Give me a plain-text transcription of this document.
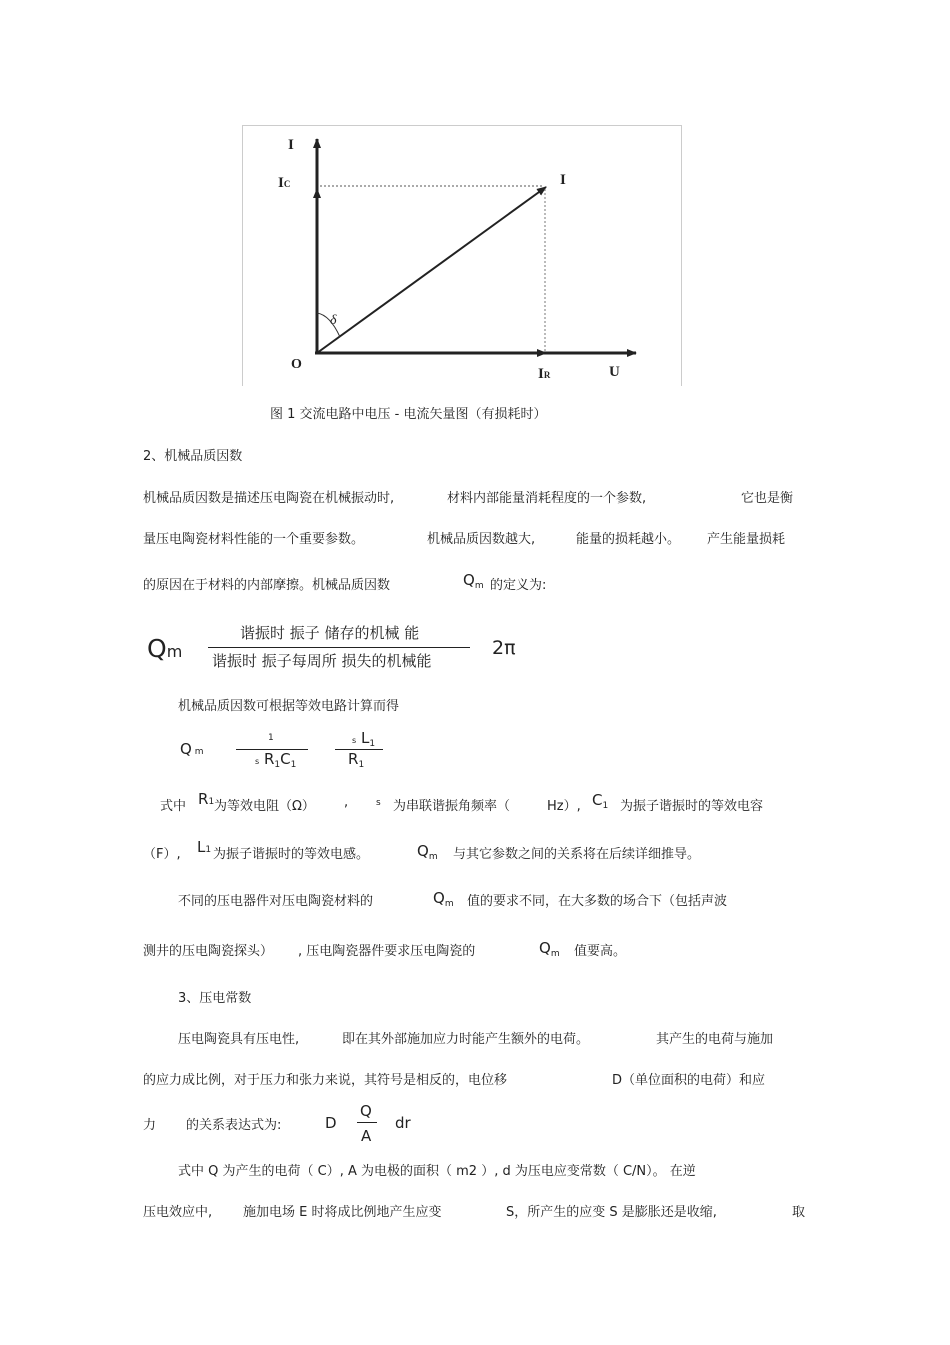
I
IC	I
δ
O
IR	U
图 1 交流电路中电压 - 电流矢量图（有损耗时）
2、机械品质因数
机械品质因数是描述压电陶瓷在机械振动时,	材料内部能量消耗程度的一个参数,	它也是衡
量压电陶瓷材料性能的一个重要参数。	机械品质因数越大,	能量的损耗越小。 产生能量损耗
的原因在于材料的内部摩擦。机械品质因数	$Q_m$ 的定义为:
Qm
谐振时 振子 储存的机械 能
谐振时 振子每周所 损失的机械能
2π
机械品质因数可根据等效电路计算而得
Q m
1
s $R_1C_1$
s $L_1$
$R_1$
式中 R1 为等效电阻（Ω） ,	s 为串联谐振角频率（	Hz）, $C_1$ 为振子谐振时的等效电容
（F）, L1 为振子谐振时的等效电感。	$Q_m$ 与其它参数之间的关系将在后续详细推导。
不同的压电器件对压电陶瓷材料的	$Q_m$ 值的要求不同，在大多数的场合下（包括声波
测井的压电陶瓷探头） , 压电陶瓷器件要求压电陶瓷的	$Q_m$ 值要高。
3、压电常数
压电陶瓷具有压电性,	即在其外部施加应力时能产生额外的电荷。	其产生的电荷与施加
的应力成比例，对于压力和张力来说，其符号是相反的，电位移	D（单位面积的电荷）和应
力 的关系表达式为:	D
Q
A
dr
式中 Q 为产生的电荷（ C）, A 为电极的面积（ m2 ）, d 为压电应变常数（ C/N）。 在逆
压电效应中, 施加电场 E 时将成比例地产生应变	S，所产生的应变 S 是膨胀还是收缩,	取
